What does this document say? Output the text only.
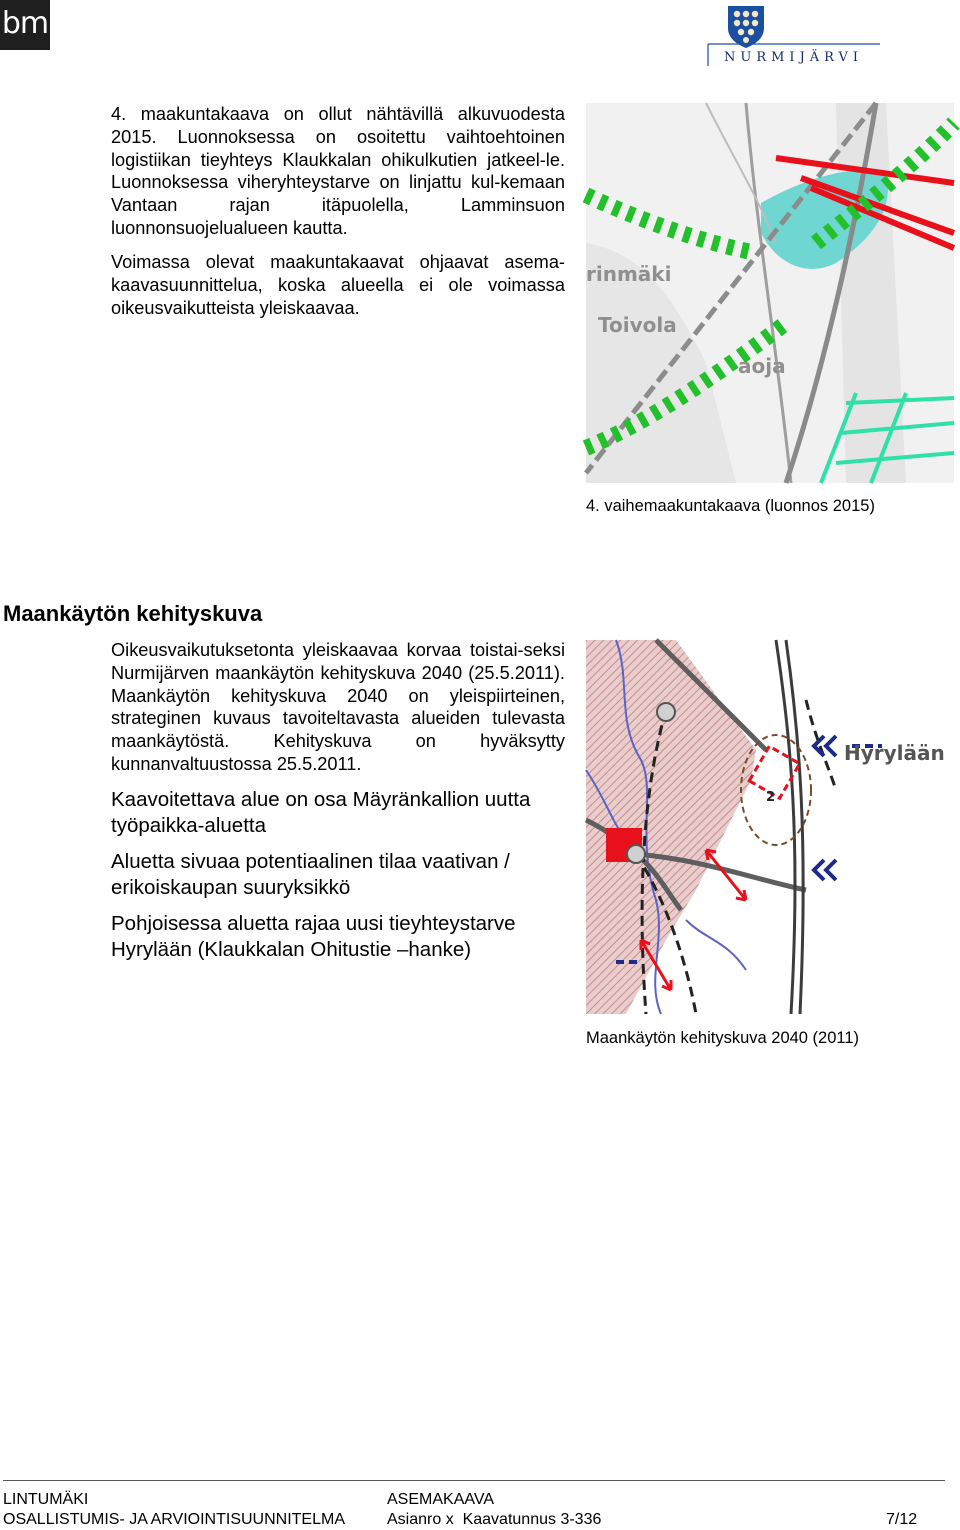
bm
NURMIJÄRVI
4. maakuntakaava on ollut nähtävillä alkuvuodesta 2015. Luonnoksessa on osoitettu vaihtoehtoinen logistiikan tieyhteys Klaukkalan ohikulkutien jatkeel-le. Luonnoksessa viheryhteystarve on linjattu kul-kemaan Vantaan rajan itäpuolella, Lamminsuon luonnonsuojelualueen kautta.
Voimassa olevat maakuntakaavat ohjaavat asema-kaavasuunnittelua, koska alueella ei ole voimassa oikeusvaikutteista yleiskaavaa.
rinmäki
Toivola
aoja
4. vaihemaakuntakaava (luonnos 2015)
Maankäytön kehityskuva
Oikeusvaikutuksetonta yleiskaavaa korvaa toistai-seksi Nurmijärven maankäytön kehityskuva 2040 (25.5.2011). Maankäytön kehityskuva 2040 on yleispiirteinen, strateginen kuvaus tavoiteltavasta alueiden tulevasta maankäytöstä. Kehityskuva on hyväksytty kunnanvaltuustossa 25.5.2011.
Kaavoitettava alue on osa Mäyränkallion uutta työpaikka-aluetta
Aluetta sivuaa potentiaalinen tilaa vaativan / erikoiskaupan suuryksikkö
Pohjoisessa aluetta rajaa uusi tieyhteystarve Hyrylään (Klaukkalan Ohitustie –hanke)
2
Hyrylään
Maankäytön kehityskuva 2040 (2011)
LINTUMÄKI
OSALLISTUMIS- JA ARVIOINTISUUNNITELMA
ASEMAKAAVA
Asianro x  Kaavatunnus 3-336	7/12
